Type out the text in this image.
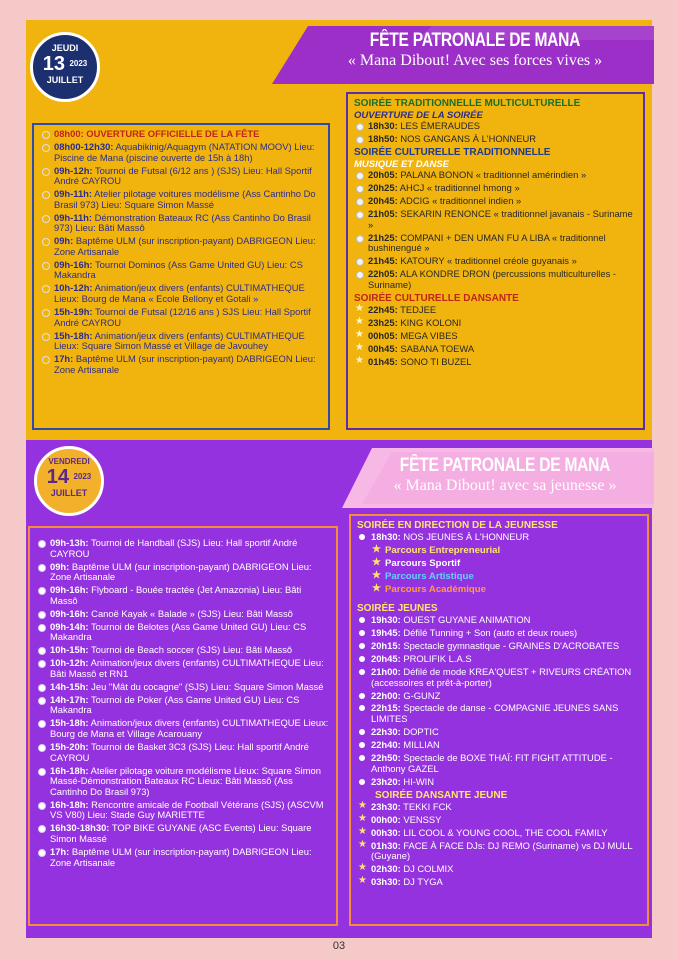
FÊTE PATRONALE DE MANA
« Mana Dibout! Avec ses forces vives »
JEUDI
13 2023
JUILLET
08h00: OUVERTURE OFFICIELLE DE LA FÊTE
08h00-12h30: Aquabikinig/Aquagym (NATATION MOOV) Lieu: Piscine de Mana (piscine ouverte de 15h à 18h)
09h-12h: Tournoi de Futsal (6/12 ans ) (SJS) Lieu: Hall Sportif André CAYROU
09h-11h: Atelier pilotage voitures modélisme (Ass Cantinho Do Brasil 973) Lieu: Square Simon Massé
09h-11h: Démonstration Bateaux RC (Ass Cantinho Do Brasil 973) Lieu: Bâti Massô
09h: Baptême ULM (sur inscription-payant) DABRIGEON Lieu: Zone Artisanale
09h-16h: Tournoi Dominos (Ass Game United GU) Lieu: CS Makandra
10h-12h: Animation/jeux divers (enfants) CULTIMATHEQUE Lieux: Bourg de Mana « Ecole Bellony et Gotali »
15h-19h: Tournoi de Futsal (12/16 ans ) SJS Lieu: Hall Sportif André CAYROU
15h-18h: Animation/jeux divers (enfants) CULTIMATHEQUE Lieux: Square Simon Massé et Village de Javouhey
17h: Baptême ULM (sur inscription-payant) DABRIGEON Lieu: Zone Artisanale
SOIRÉE TRADITIONNELLE MULTICULTURELLE
OUVERTURE DE LA SOIRÉE
18h30: LES ÉMERAUDES
18h50: NOS GANGANS À L'HONNEUR
SOIRÉE CULTURELLE TRADITIONNELLE
MUSIQUE ET DANSE
20h05: PALANA BONON « traditionnel amérindien »
20h25: AHCJ « traditionnel hmong »
20h45: ADCIG « traditionnel indien »
21h05: SEKARIN RENONCE « traditionnel javanais - Suriname »
21h25: COMPANI + DEN UMAN FU A LIBA « traditionnel bushinengué »
21h45: KATOURY « traditionnel créole guyanais »
22h05: ALA KONDRE DRON (percussions multiculturelles - Suriname)
SOIRÉE CULTURELLE DANSANTE
★ 22h45: TEDJEE
★ 23h25: KING KOLONI
★ 00h05: MEGA VIBES
★ 00h45: SABANA TOEWA
★ 01h45: SONO TI BUZEL
FÊTE PATRONALE DE MANA
« Mana Dibout! avec sa jeunesse »
VENDREDI
14 2023
JUILLET
09h-13h: Tournoi de Handball (SJS) Lieu: Hall sportif André CAYROU
09h: Baptême ULM (sur inscription-payant) DABRIGEON Lieu: Zone Artisanale
09h-16h: Flyboard - Bouée tractée (Jet Amazonia) Lieu: Bâti Massô
09h-16h: Canoë Kayak « Balade » (SJS) Lieu: Bâti Massô
09h-14h: Tournoi de Belotes (Ass Game United GU) Lieu: CS Makandra
10h-15h: Tournoi de Beach soccer (SJS) Lieu: Bâti Massô
10h-12h: Animation/jeux divers (enfants) CULTIMATHEQUE Lieu: Bâti Massô et RN1
14h-15h: Jeu "Mât du cocagne" (SJS) Lieu: Square Simon Massé
14h-17h: Tournoi de Poker (Ass Game United GU) Lieu: CS Makandra
15h-18h: Animation/jeux divers (enfants) CULTIMATHEQUE Lieux: Bourg de Mana et Village Acarouany
15h-20h: Tournoi de Basket 3C3 (SJS) Lieu: Hall sportif André CAYROU
16h-18h: Atelier pilotage voiture modélisme Lieux: Square Simon Massé-Démonstration Bateaux RC Lieux: Bâti Massô (Ass Cantinho Do Brasil 973)
16h-18h: Rencontre amicale de Football Vétérans (SJS) (ASCVM VS V80) Lieu: Stade Guy MARIETTE
16h30-18h30: TOP BIKE GUYANE (ASC Events) Lieu: Square Simon Massé
17h: Baptême ULM (sur inscription-payant) DABRIGEON Lieu: Zone Artisanale
SOIRÉE EN DIRECTION DE LA JEUNESSE
18h30: NOS JEUNES À L'HONNEUR
★ Parcours Entrepreneurial
★ Parcours Sportif
★ Parcours Artistique
★ Parcours Académique
SOIRÉE JEUNES
19h30: OUEST GUYANE ANIMATION
19h45: Défilé Tunning + Son (auto et deux roues)
20h15: Spectacle gymnastique - GRAINES D'ACROBATES
20h45: PROLIFIK L.A.S
21h00: Défilé de mode KREA'QUEST + RIVEURS CRÉATION (accessoires et prêt-à-porter)
22h00: G-GUNZ
22h15: Spectacle de danse - COMPAGNIE JEUNES SANS LIMITES
22h30: DOPTIC
22h40: MILLIAN
22h50: Spectacle de BOXE THAÏ: FIT FIGHT ATTITUDE - Anthony GAZEL
23h20: HI-WIN
SOIRÉE DANSANTE JEUNE
★ 23h30: TEKKI FCK
★ 00h00: VENSSY
★ 00h30: LIL COOL & YOUNG COOL, THE COOL FAMILY
★ 01h30: FACE À FACE DJs: DJ REMO (Suriname) vs DJ MULL (Guyane)
★ 02h30: DJ COLMIX
★ 03h30: DJ TYGA
03
